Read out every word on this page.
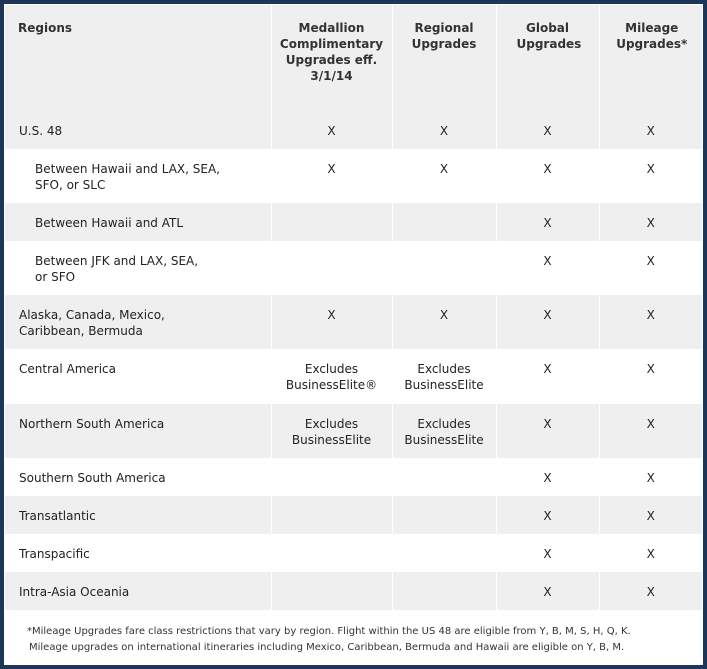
Regions	Medallion Complimentary Upgrades eff. 3/1/14	Regional Upgrades	Global Upgrades	Mileage Upgrades*
U.S. 48	X	X	X	X
Between Hawaii and LAX, SEA, SFO, or SLC	X	X	X	X
Between Hawaii and ATL			X	X
Between JFK and LAX, SEA, or SFO			X	X
Alaska, Canada, Mexico, Caribbean, Bermuda	X	X	X	X
Central America	Excludes BusinessElite®	Excludes BusinessElite	X	X
Northern South America	Excludes BusinessElite	Excludes BusinessElite	X	X
Southern South America			X	X
Transatlantic			X	X
Transpacific			X	X
Intra-Asia Oceania			X	X
*Mileage Upgrades fare class restrictions that vary by region. Flight within the US 48 are eligible from Y, B, M, S, H, Q, K.
Mileage upgrades on international itineraries including Mexico, Caribbean, Bermuda and Hawaii are eligible on Y, B, M.
